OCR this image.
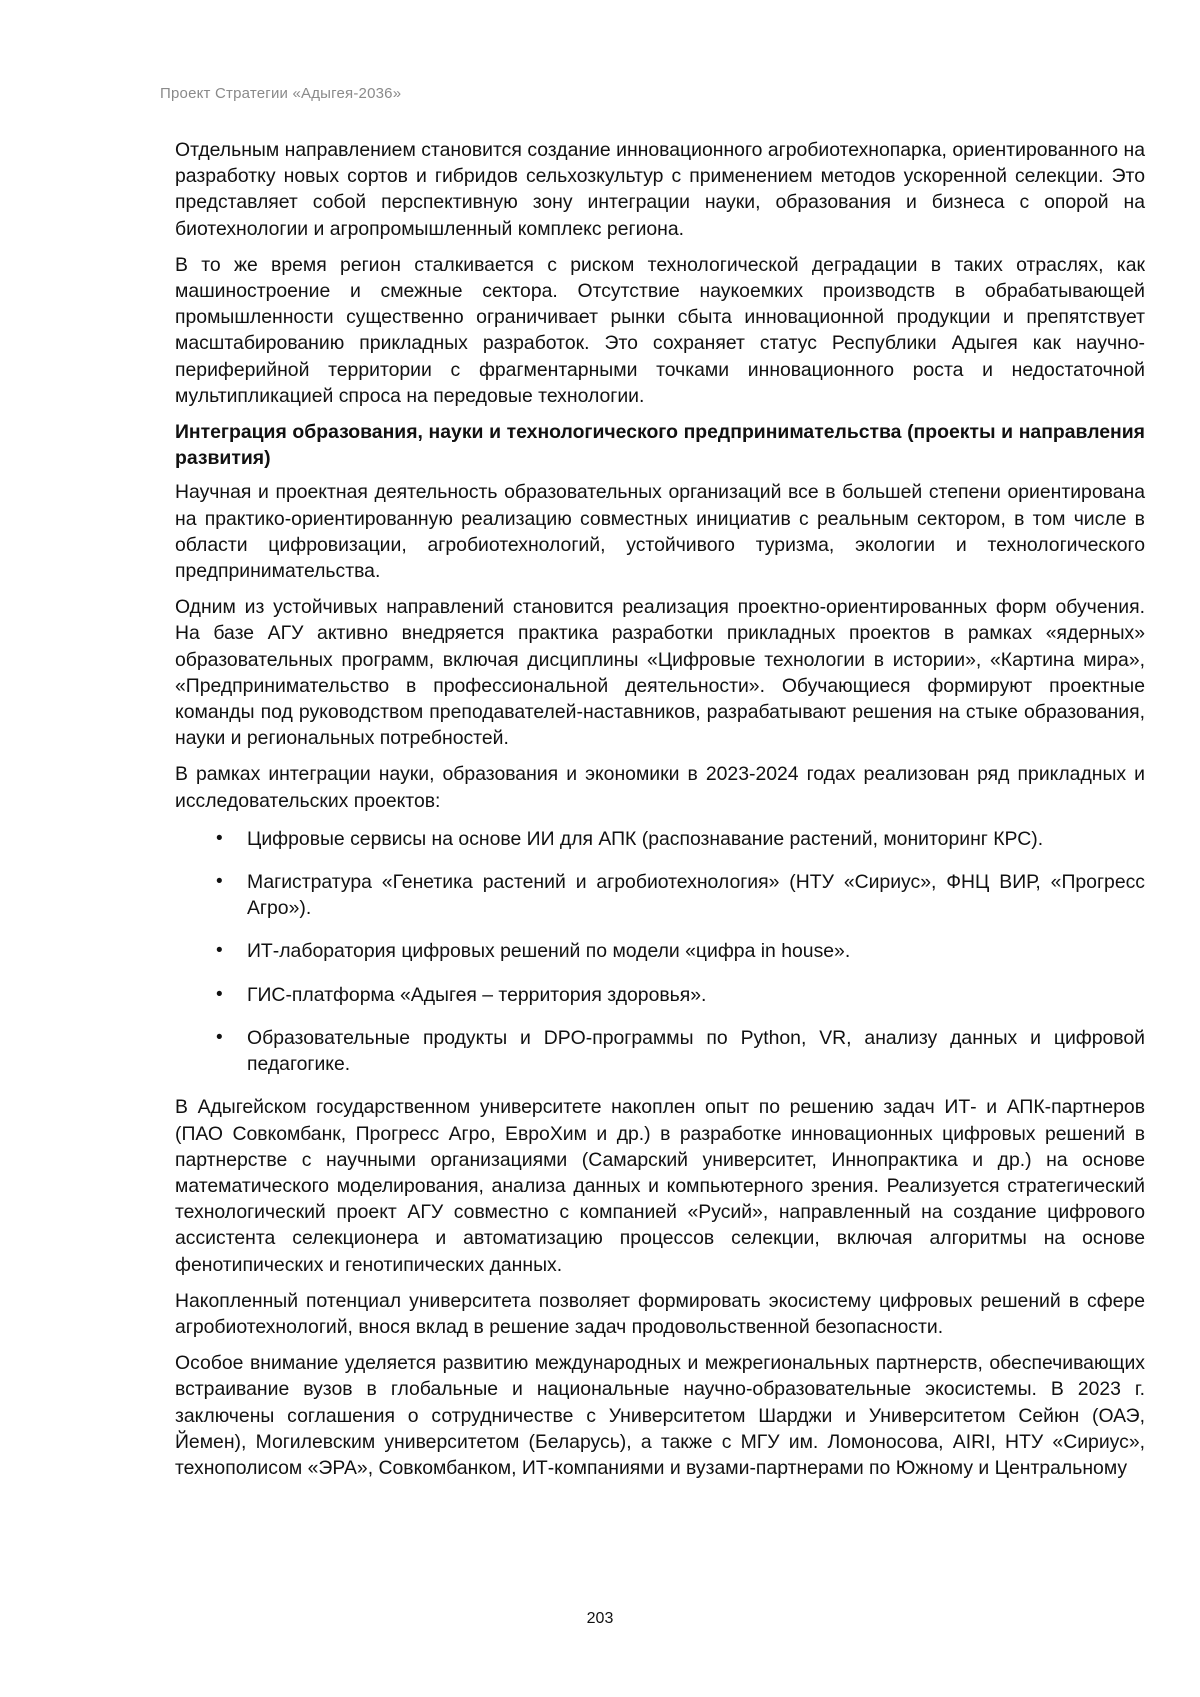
Проект Стратегии «Адыгея-2036»

Отдельным направлением становится создание инновационного агробиотехнопарка, ориентированного на разработку новых сортов и гибридов сельхозкультур с применением методов ускоренной селекции. Это представляет собой перспективную зону интеграции науки, образования и бизнеса с опорой на биотехнологии и агропромышленный комплекс региона.

В то же время регион сталкивается с риском технологической деградации в таких отраслях, как машиностроение и смежные сектора. Отсутствие наукоемких производств в обрабатывающей промышленности существенно ограничивает рынки сбыта инновационной продукции и препятствует масштабированию прикладных разработок. Это сохраняет статус Республики Адыгея как научно-периферийной территории с фрагментарными точками инновационного роста и недостаточной мультипликацией спроса на передовые технологии.

Интеграция образования, науки и технологического предпринимательства (проекты и направления развития)

Научная и проектная деятельность образовательных организаций все в большей степени ориентирована на практико-ориентированную реализацию совместных инициатив с реальным сектором, в том числе в области цифровизации, агробиотехнологий, устойчивого туризма, экологии и технологического предпринимательства.

Одним из устойчивых направлений становится реализация проектно-ориентированных форм обучения. На базе АГУ активно внедряется практика разработки прикладных проектов в рамках «ядерных» образовательных программ, включая дисциплины «Цифровые технологии в истории», «Картина мира», «Предпринимательство в профессиональной деятельности». Обучающиеся формируют проектные команды под руководством преподавателей-наставников, разрабатывают решения на стыке образования, науки и региональных потребностей.

В рамках интеграции науки, образования и экономики в 2023-2024 годах реализован ряд прикладных и исследовательских проектов:

• Цифровые сервисы на основе ИИ для АПК (распознавание растений, мониторинг КРС).
• Магистратура «Генетика растений и агробиотехнология» (НТУ «Сириус», ФНЦ ВИР, «Прогресс Агро»).
• ИТ-лаборатория цифровых решений по модели «цифра in house».
• ГИС-платформа «Адыгея – территория здоровья».
• Образовательные продукты и DPO-программы по Python, VR, анализу данных и цифровой педагогике.

В Адыгейском государственном университете накоплен опыт по решению задач ИТ- и АПК-партнеров (ПАО Совкомбанк, Прогресс Агро, ЕвроХим и др.) в разработке инновационных цифровых решений в партнерстве с научными организациями (Самарский университет, Иннопрактика и др.) на основе математического моделирования, анализа данных и компьютерного зрения. Реализуется стратегический технологический проект АГУ совместно с компанией «Русий», направленный на создание цифрового ассистента селекционера и автоматизацию процессов селекции, включая алгоритмы на основе фенотипических и генотипических данных.

Накопленный потенциал университета позволяет формировать экосистему цифровых решений в сфере агробиотехнологий, внося вклад в решение задач продовольственной безопасности.

Особое внимание уделяется развитию международных и межрегиональных партнерств, обеспечивающих встраивание вузов в глобальные и национальные научно-образовательные экосистемы. В 2023 г. заключены соглашения о сотрудничестве с Университетом Шарджи и Университетом Сейюн (ОАЭ, Йемен), Могилевским университетом (Беларусь), а также с МГУ им. Ломоносова, AIRI, НТУ «Сириус», технополисом «ЭРА», Совкомбанком, ИТ-компаниями и вузами-партнерами по Южному и Центральному

203
